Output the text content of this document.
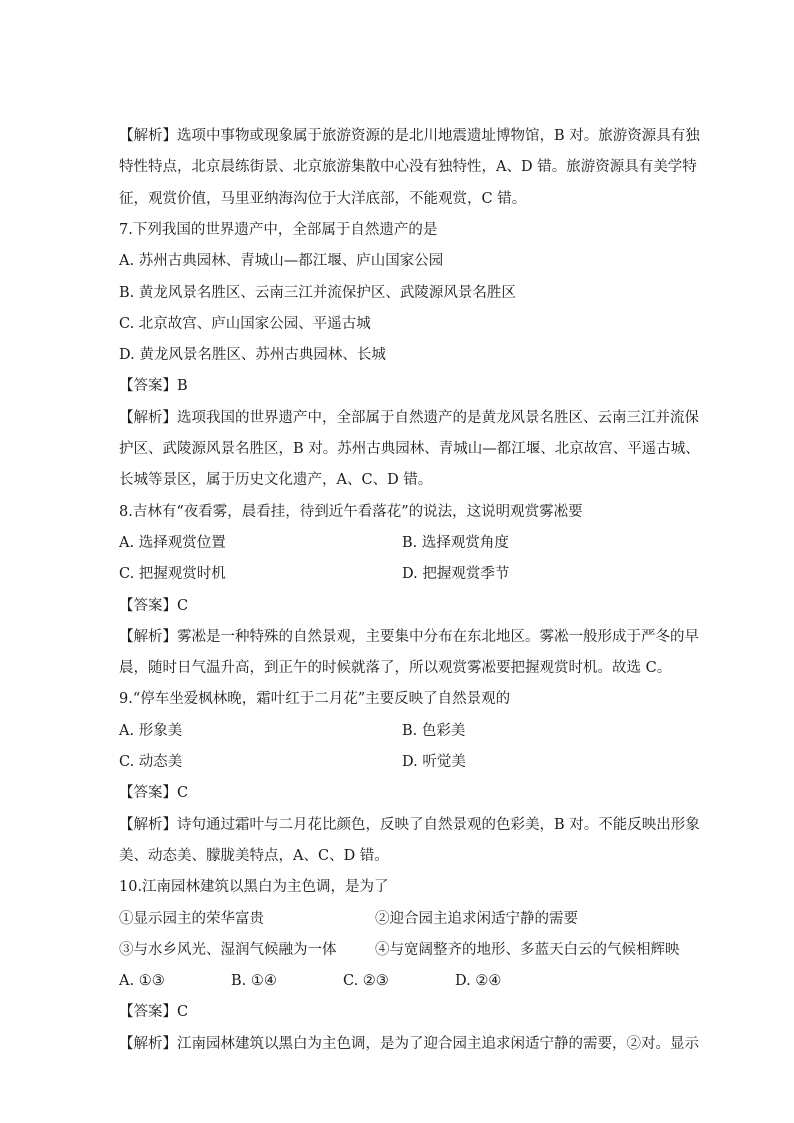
【解析】选项中事物或现象属于旅游资源的是北川地震遗址博物馆，B 对。旅游资源具有独
特性特点，北京晨练街景、北京旅游集散中心没有独特性，A、D 错。旅游资源具有美学特
征，观赏价值，马里亚纳海沟位于大洋底部，不能观赏，C 错。
7.下列我国的世界遗产中，全部属于自然遗产的是
A. 苏州古典园林、青城山—都江堰、庐山国家公园
B. 黄龙风景名胜区、云南三江并流保护区、武陵源风景名胜区
C. 北京故宫、庐山国家公园、平遥古城
D. 黄龙风景名胜区、苏州古典园林、长城
【答案】B
【解析】选项我国的世界遗产中，全部属于自然遗产的是黄龙风景名胜区、云南三江并流保
护区、武陵源风景名胜区，B 对。苏州古典园林、青城山—都江堰、北京故宫、平遥古城、
长城等景区，属于历史文化遗产，A、C、D 错。
8.吉林有“夜看雾，晨看挂，待到近午看落花”的说法，这说明观赏雾凇要
A. 选择观赏位置	B. 选择观赏角度
C. 把握观赏时机	D. 把握观赏季节
【答案】C
【解析】雾凇是一种特殊的自然景观，主要集中分布在东北地区。雾凇一般形成于严冬的早
晨，随时日气温升高，到正午的时候就落了，所以观赏雾凇要把握观赏时机。故选 C。
9.“停车坐爱枫林晚，霜叶红于二月花”主要反映了自然景观的
A. 形象美	B. 色彩美
C. 动态美	D. 听觉美
【答案】C
【解析】诗句通过霜叶与二月花比颜色，反映了自然景观的色彩美，B 对。不能反映出形象
美、动态美、朦胧美特点，A、C、D 错。
10.江南园林建筑以黑白为主色调，是为了
①显示园主的荣华富贵	②迎合园主追求闲适宁静的需要
③与水乡风光、湿润气候融为一体	④与宽阔整齐的地形、多蓝天白云的气候相辉映
A. ①③	B. ①④	C. ②③	D. ②④
【答案】C
【解析】江南园林建筑以黑白为主色调，是为了迎合园主追求闲适宁静的需要，②对。显示
